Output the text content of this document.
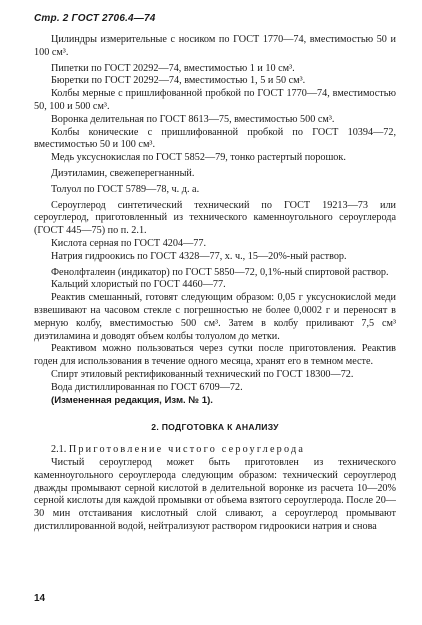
Стр. 2 ГОСТ 2706.4—74

Цилиндры измерительные с носиком по ГОСТ 1770—74, вместимостью 50 и 100 см³.

Пипетки по ГОСТ 20292—74, вместимостью 1 и 10 см³.

Бюретки по ГОСТ 20292—74, вместимостью 1, 5 и 50 см³.

Колбы мерные с пришлифованной пробкой по ГОСТ 1770—74, вместимостью 50, 100 и 500 см³.

Воронка делительная по ГОСТ 8613—75, вместимостью 500 см³.

Колбы конические с пришлифованной пробкой по ГОСТ 10394—72, вместимостью 50 и 100 см³.

Медь уксуснокислая по ГОСТ 5852—79, тонко растертый порошок.

Диэтиламин, свежеперегнанный.

Толуол по ГОСТ 5789—78, ч. д. а.

Сероуглерод синтетический технический по ГОСТ 19213—73 или сероуглерод, приготовленный из технического каменноугольного сероуглерода (ГОСТ 445—75) по п. 2.1.

Кислота серная по ГОСТ 4204—77.

Натрия гидроокись по ГОСТ 4328—77, х. ч., 15—20%-ный раствор.

Фенолфталеин (индикатор) по ГОСТ 5850—72, 0,1%-ный спиртовой раствор.

Кальций хлористый по ГОСТ 4460—77.

Реактив смешанный, готовят следующим образом: 0,05 г уксуснокислой меди взвешивают на часовом стекле с погрешностью не более 0,0002 г и переносят в мерную колбу, вместимостью 500 см³. Затем в колбу приливают 7,5 см³ диэтиламина и доводят объем колбы толуолом до метки.

Реактивом можно пользоваться через сутки после приготовления. Реактив годен для использования в течение одного месяца, хранят его в темном месте.

Спирт этиловый ректификованный технический по ГОСТ 18300—72.

Вода дистиллированная по ГОСТ 6709—72.

(Измененная редакция, Изм. № 1).

2. ПОДГОТОВКА К АНАЛИЗУ

2.1. Приготовление чистого сероуглерода

Чистый сероуглерод может быть приготовлен из технического каменноугольного сероуглерода следующим образом: технический сероуглерод дважды промывают серной кислотой в делительной воронке из расчета 10—20% серной кислоты для каждой промывки от объема взятого сероуглерода. После 20—30 мин отстаивания кислотный слой сливают, а сероуглерод промывают дистиллированной водой, нейтрализуют раствором гидроокиси натрия и снова

14
